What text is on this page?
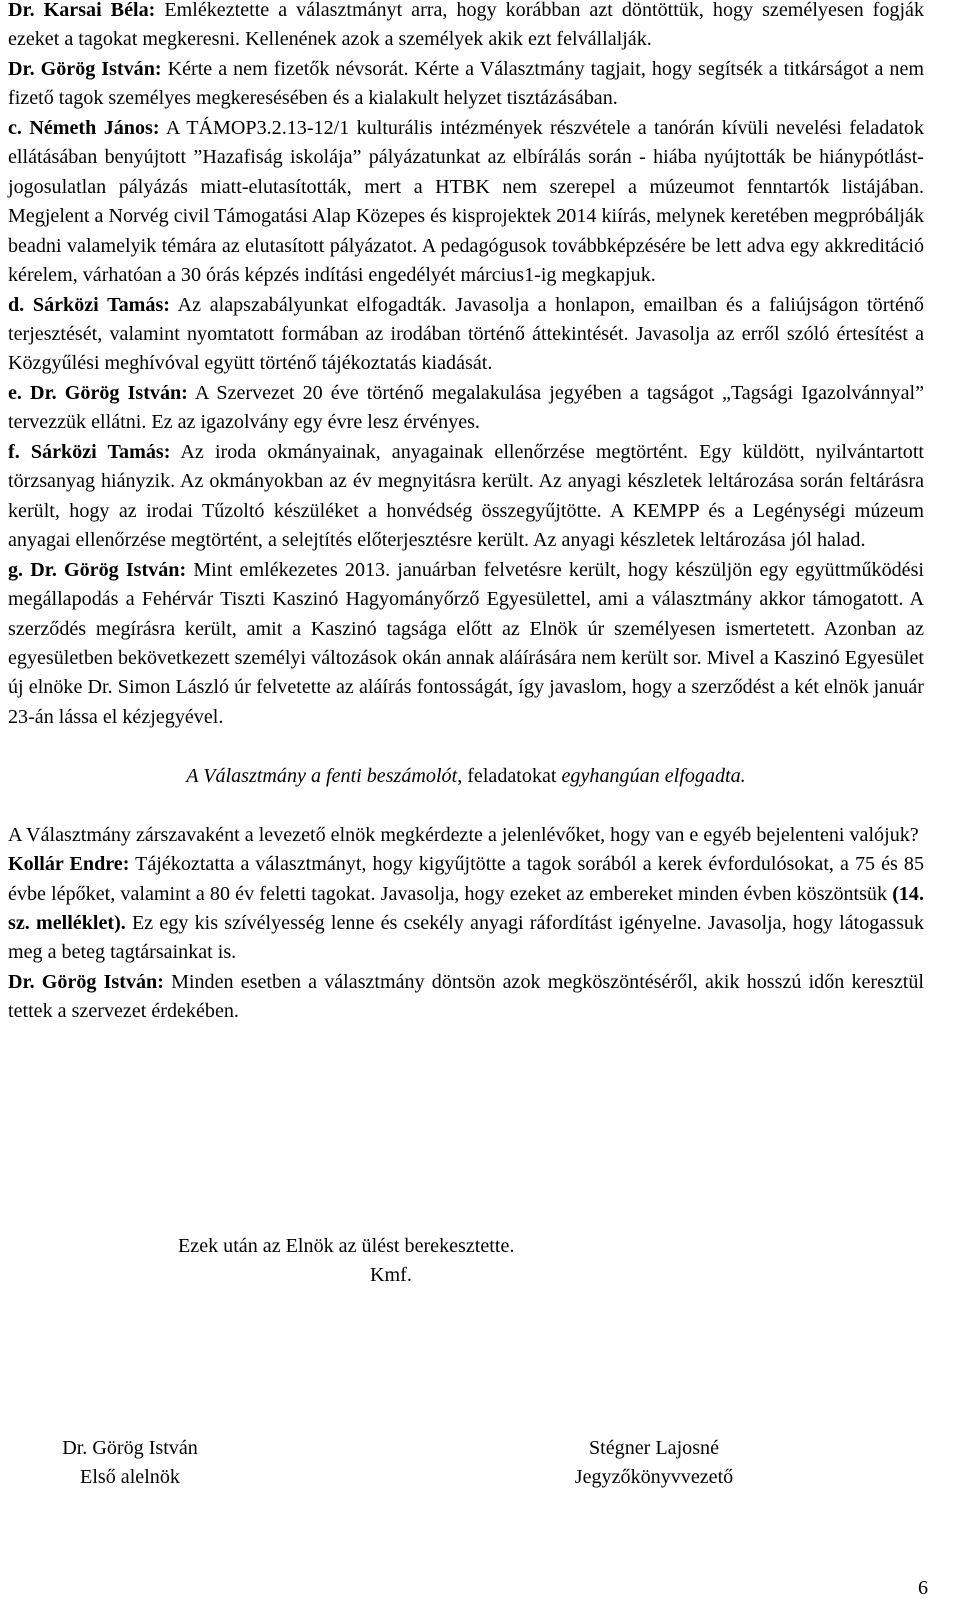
Dr. Karsai Béla: Emlékeztette a választmányt arra, hogy korábban azt döntöttük, hogy személyesen fogják ezeket a tagokat megkeresni. Kellenének azok a személyek akik ezt felvállalják.

Dr. Görög István: Kérte a nem fizetők névsorát. Kérte a Választmány tagjait, hogy segítsék a titkárságot a nem fizető tagok személyes megkeresésében és a kialakult helyzet tisztázásában.

c. Németh János: A TÁMOP3.2.13-12/1 kulturális intézmények részvétele a tanórán kívüli nevelési feladatok ellátásában benyújtott ”Hazafiság iskolája” pályázatunkat az elbírálás során - hiába nyújtották be hiánypótlást- jogosulatlan pályázás miatt-elutasították, mert a HTBK nem szerepel a múzeumot fenntartók listájában. Megjelent a Norvég civil Támogatási Alap Közepes és kisprojektek 2014 kiírás, melynek keretében megpróbálják beadni valamelyik témára az elutasított pályázatot. A pedagógusok továbbképzésére be lett adva egy akkreditáció kérelem, várhatóan a 30 órás képzés indítási engedélyét március1-ig megkapjuk.

d. Sárközi Tamás: Az alapszabályunkat elfogadták. Javasolja a honlapon, emailban és a faliújságon történő terjesztését, valamint nyomtatott formában az irodában történő áttekintését. Javasolja az erről szóló értesítést a Közgyűlési meghívóval együtt történő tájékoztatás kiadását.

e. Dr. Görög István: A Szervezet 20 éve történő megalakulása jegyében a tagságot „Tagsági Igazolvánnyal” tervezzük ellátni. Ez az igazolvány egy évre lesz érvényes.

f. Sárközi Tamás: Az iroda okmányainak, anyagainak ellenőrzése megtörtént. Egy küldött, nyilvántartott törzsanyag hiányzik. Az okmányokban az év megnyitásra került. Az anyagi készletek leltározása során feltárásra került, hogy az irodai Tűzoltó készüléket a honvédség összegyűjtötte. A KEMPP és a Legénységi múzeum anyagai ellenőrzése megtörtént, a selejtítés előterjesztésre került. Az anyagi készletek leltározása jól halad.

g. Dr. Görög István: Mint emlékezetes 2013. januárban felvetésre került, hogy készüljön egy együttműködési megállapodás a Fehérvár Tiszti Kaszinó Hagyományőrző Egyesülettel, ami a választmány akkor támogatott. A szerződés megírásra került, amit a Kaszinó tagsága előtt az Elnök úr személyesen ismertetett. Azonban az egyesületben bekövetkezett személyi változások okán annak aláírására nem került sor. Mivel a Kaszinó Egyesület új elnöke Dr. Simon László úr felvetette az aláírás fontosságát, így javaslom, hogy a szerződést a két elnök január 23-án lássa el kézjegyével.

A Választmány a fenti beszámolót, feladatokat egyhangúan elfogadta.

A Választmány zárszavaként a levezető elnök megkérdezte a jelenlévőket, hogy van e egyéb bejelenteni valójuk?

Kollár Endre: Tájékoztatta a választmányt, hogy kigyűjtötte a tagok sorából a kerek évfordulósokat, a 75 és 85 évbe lépőket, valamint a 80 év feletti tagokat. Javasolja, hogy ezeket az embereket minden évben köszöntsük (14. sz. melléklet). Ez egy kis szívélyesség lenne és csekély anyagi ráfordítást igényelne. Javasolja, hogy látogassuk meg a beteg tagtársainkat is.

Dr. Görög István: Minden esetben a választmány döntsön azok megköszöntéséről, akik hosszú időn keresztül tettek a szervezet érdekében.

Ezek után az Elnök az ülést berekesztette.
Kmf.
Dr. Görög István
Első alelnök
Stégner Lajosné
Jegyzőkönyvvezető
6
